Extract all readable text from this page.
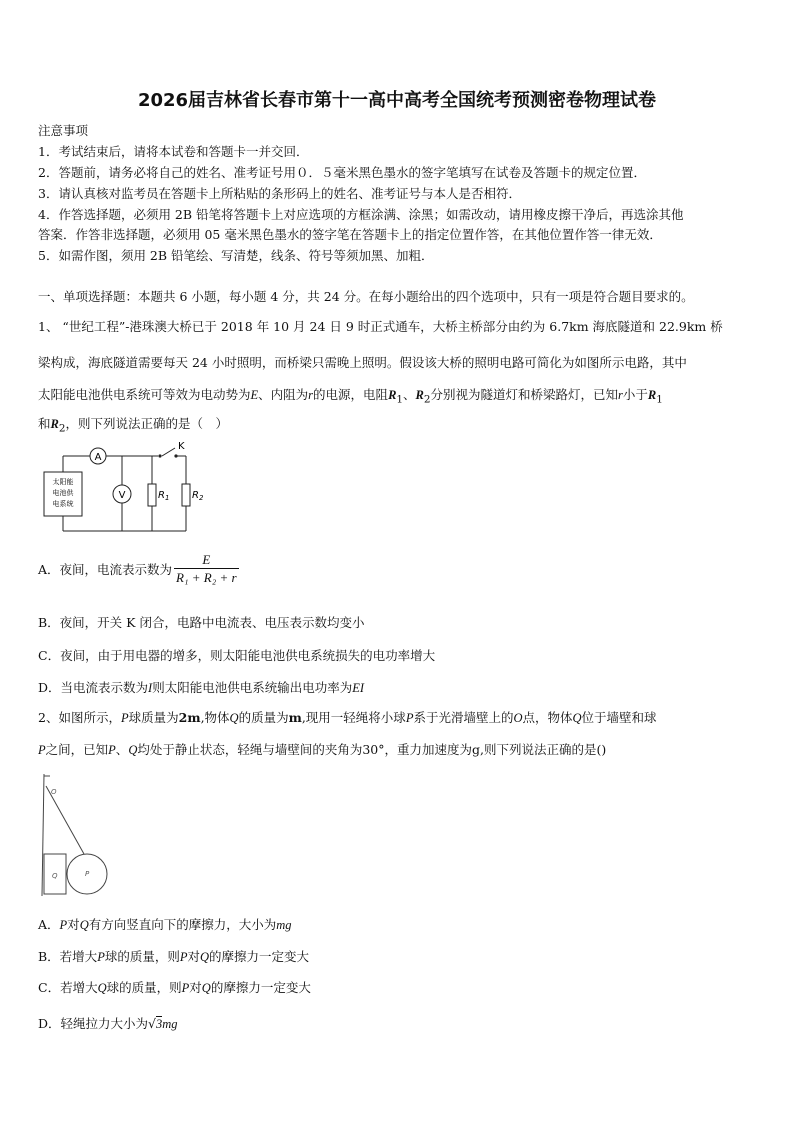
2026届吉林省长春市第十一高中高考全国统考预测密卷物理试卷
注意事项
1．考试结束后，请将本试卷和答题卡一并交回．
2．答题前，请务必将自己的姓名、准考证号用０．５毫米黑色墨水的签字笔填写在试卷及答题卡的规定位置．
3．请认真核对监考员在答题卡上所粘贴的条形码上的姓名、准考证号与本人是否相符．
4．作答选择题，必须用 2B 铅笔将答题卡上对应选项的方框涂满、涂黑；如需改动，请用橡皮擦干净后，再选涂其他
答案．作答非选择题，必须用 05 毫米黑色墨水的签字笔在答题卡上的指定位置作答，在其他位置作答一律无效．
5．如需作图，须用 2B 铅笔绘、写清楚，线条、符号等须加黑、加粗．
一、单项选择题：本题共 6 小题，每小题 4 分，共 24 分。在每小题给出的四个选项中，只有一项是符合题目要求的。
1、 “世纪工程”-港珠澳大桥已于 2018 年 10 月 24 日 9 时正式通车，大桥主桥部分由约为 6.7km 海底隧道和 22.9km 桥
梁构成，海底隧道需要每天 24 小时照明，而桥梁只需晚上照明。假设该大桥的照明电路可简化为如图所示电路，其中
太阳能电池供电系统可等效为电动势为E、内阻为r的电源，电阻$R_1$、$R_2$分别视为隧道灯和桥梁路灯，已知r小于$R_1$
和$R_2$，则下列说法正确的是（　）
A
V
K
$R_1$ $R_2$
太阳能
电池供
电系统
A．夜间，电流表示数为 $\frac{E}{\text{R₁ + R₂ + r}}$
B．夜间，开关 K 闭合，电路中电流表、电压表示数均变小
C．夜间，由于用电器的增多，则太阳能电池供电系统损失的电功率增大
D．当电流表示数为I则太阳能电池供电系统输出电功率为EI
2、如图所示，P球质量为2m,物体Q的质量为m,现用一轻绳将小球P系于光滑墙壁上的O点，物体Q位于墙壁和球
P之间，已知P、Q均处于静止状态，轻绳与墙壁间的夹角为30°，重力加速度为g,则下列说法正确的是()
O
Q	P
A．P对Q有方向竖直向下的摩擦力，大小为mg
B．若增大P球的质量，则P对Q的摩擦力一定变大
C．若增大Q球的质量，则P对Q的摩擦力一定变大
D．轻绳拉力大小为√3mg
